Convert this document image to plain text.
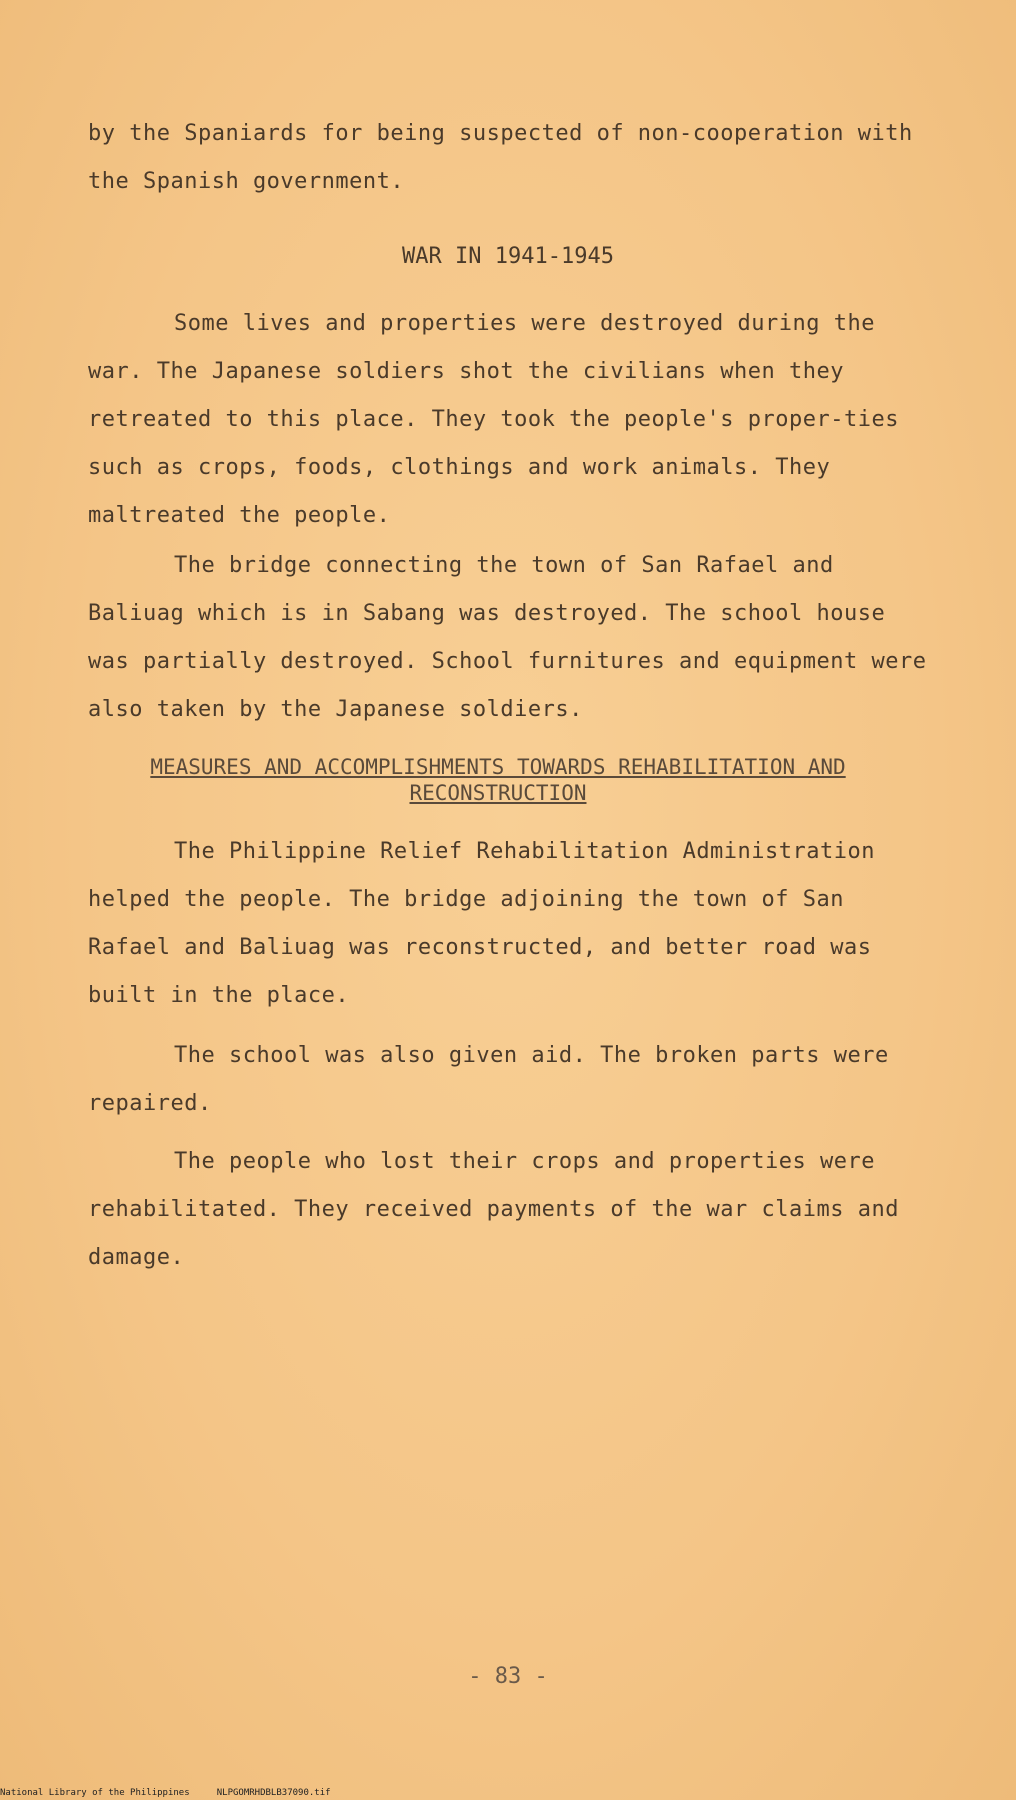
by the Spaniards for being suspected of non-cooperation with the Spanish government.

WAR IN 1941-1945

Some lives and properties were destroyed during the war. The Japanese soldiers shot the civilians when they retreated to this place. They took the people's proper-ties such as crops, foods, clothings and work animals. They maltreated the people.

The bridge connecting the town of San Rafael and Baliuag which is in Sabang was destroyed. The school house was partially destroyed. School furnitures and equipment were also taken by the Japanese soldiers.

MEASURES AND ACCOMPLISHMENTS TOWARDS REHABILITATION AND RECONSTRUCTION

The Philippine Relief Rehabilitation Administration helped the people. The bridge adjoining the town of San Rafael and Baliuag was reconstructed, and better road was built in the place.

The school was also given aid. The broken parts were repaired.

The people who lost their crops and properties were rehabilitated. They received payments of the war claims and damage.

- 83 -

National Library of the Philippines	NLPGOMRHDBLB37090.tif
